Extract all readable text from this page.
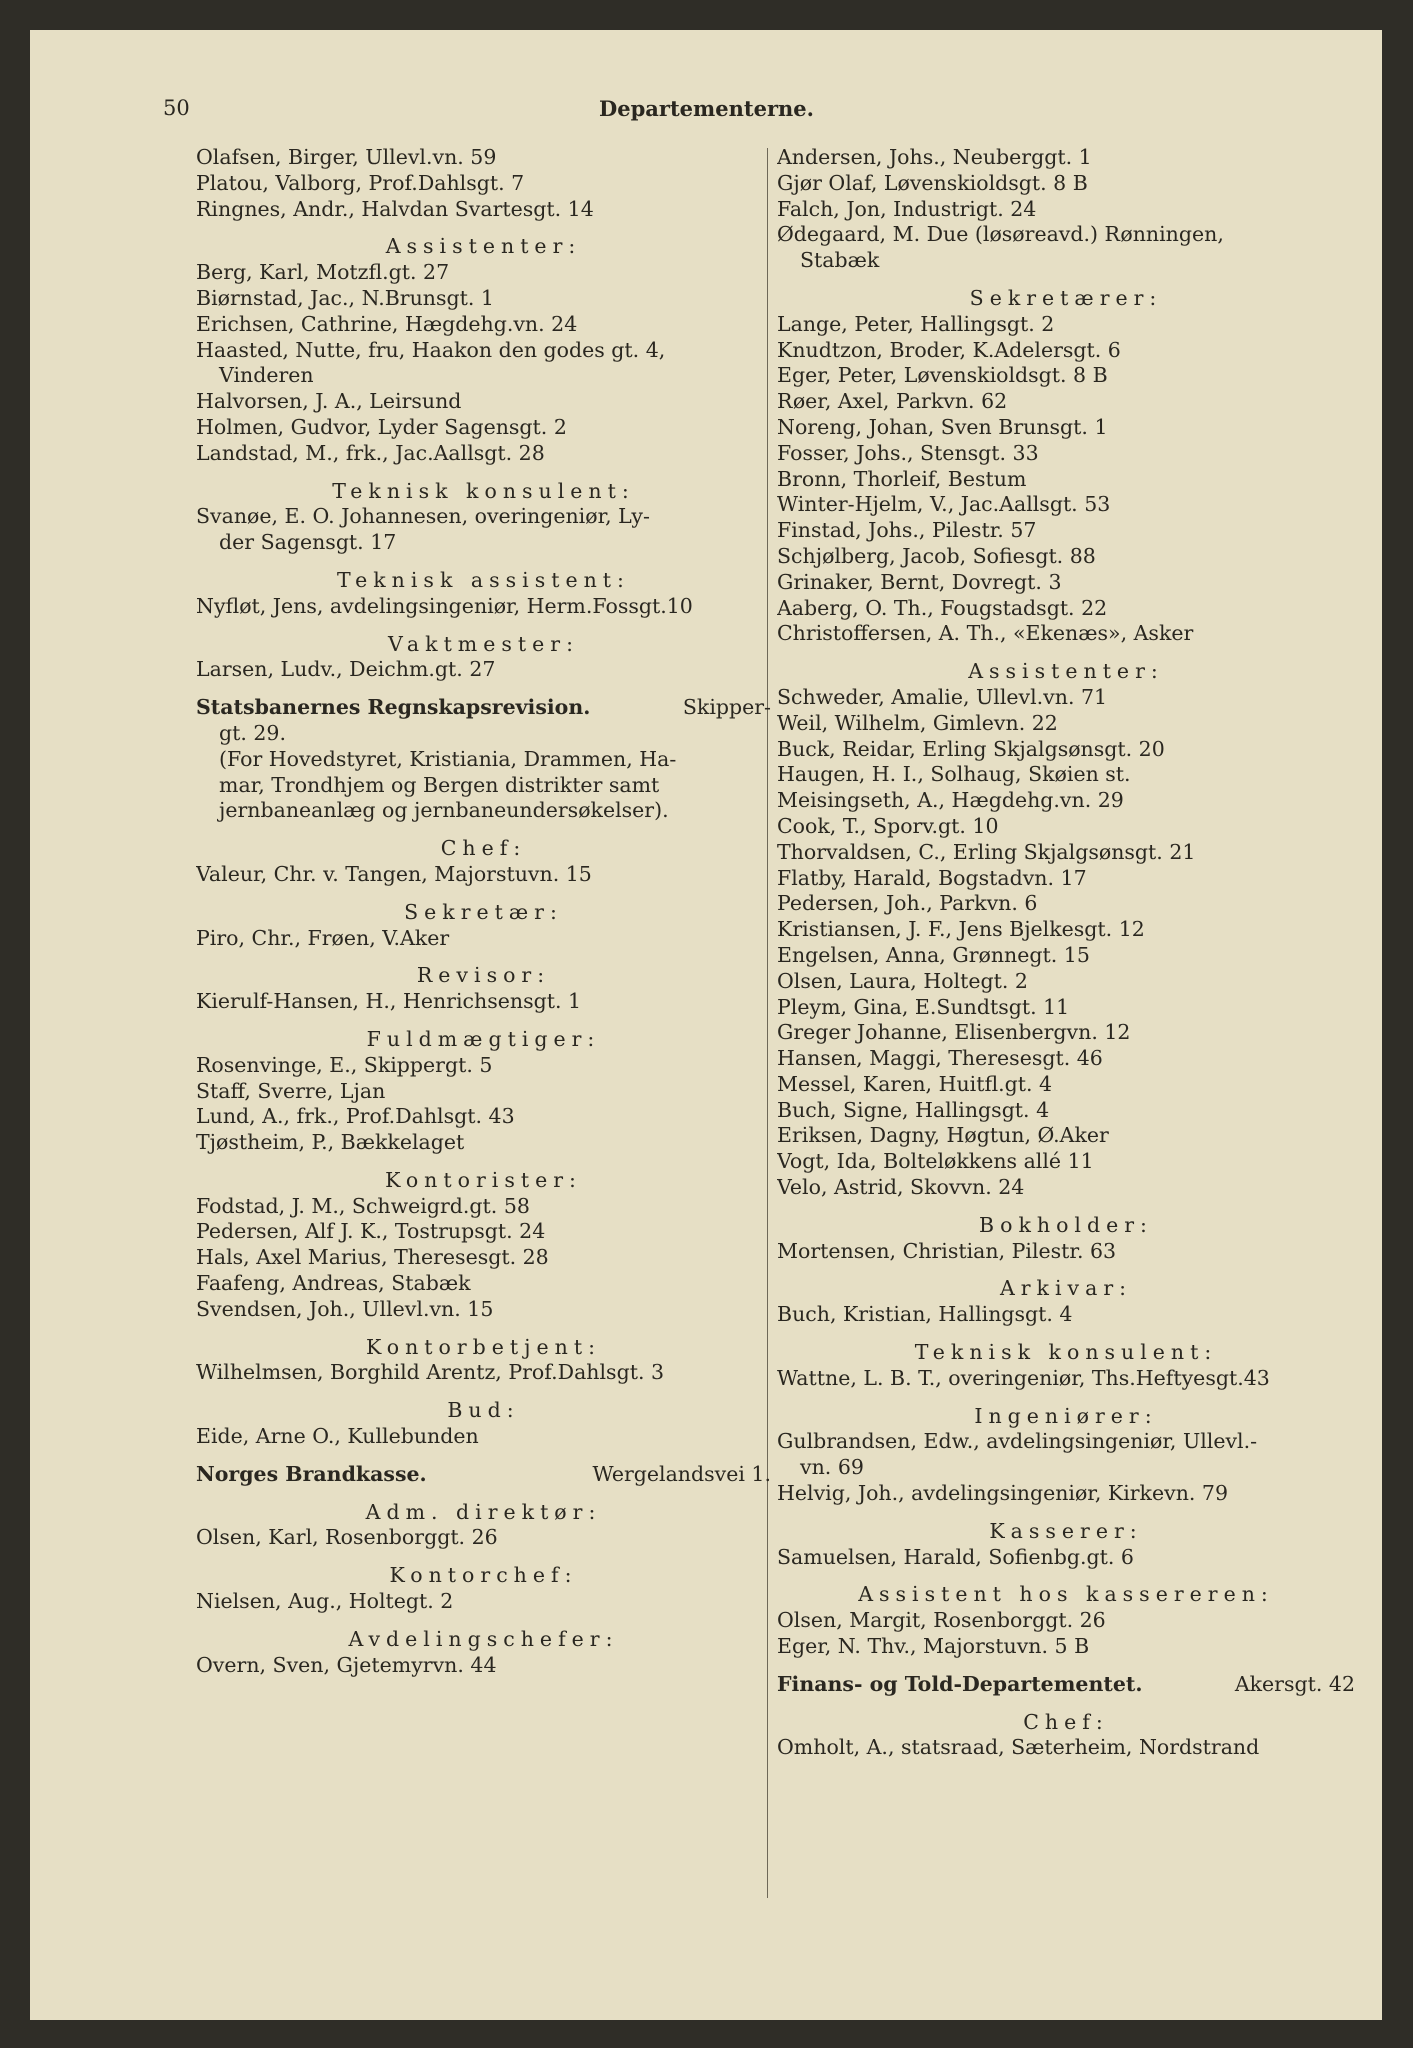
50	Departementerne.
Olafsen, Birger, Ullevl.vn. 59
Platou, Valborg, Prof.Dahlsgt. 7
Ringnes, Andr., Halvdan Svartesgt. 14
Assistenter:
Berg, Karl, Motzfl.gt. 27
Biørnstad, Jac., N.Brunsgt. 1
Erichsen, Cathrine, Hægdehg.vn. 24
Haasted, Nutte, fru, Haakon den godes gt. 4,
Vinderen
Halvorsen, J. A., Leirsund
Holmen, Gudvor, Lyder Sagensgt. 2
Landstad, M., frk., Jac.Aallsgt. 28
Teknisk konsulent:
Svanøe, E. O. Johannesen, overingeniør, Ly-
der Sagensgt. 17
Teknisk assistent:
Nyfløt, Jens, avdelingsingeniør, Herm.Fossgt.10
Vaktmester:
Larsen, Ludv., Deichm.gt. 27
Statsbanernes Regnskapsrevision.	Skipper-
gt. 29.
(For Hovedstyret, Kristiania, Drammen, Ha-
mar, Trondhjem og Bergen distrikter samt
jernbaneanlæg og jernbaneundersøkelser).
Chef:
Valeur, Chr. v. Tangen, Majorstuvn. 15
Sekretær:
Piro, Chr., Frøen, V.Aker
Revisor:
Kierulf-Hansen, H., Henrichsensgt. 1
Fuldmægtiger:
Rosenvinge, E., Skippergt. 5
Staff, Sverre, Ljan
Lund, A., frk., Prof.Dahlsgt. 43
Tjøstheim, P., Bækkelaget
Kontorister:
Fodstad, J. M., Schweigrd.gt. 58
Pedersen, Alf J. K., Tostrupsgt. 24
Hals, Axel Marius, Theresesgt. 28
Faafeng, Andreas, Stabæk
Svendsen, Joh., Ullevl.vn. 15
Kontorbetjent:
Wilhelmsen, Borghild Arentz, Prof.Dahlsgt. 3
Bud:
Eide, Arne O., Kullebunden
Norges Brandkasse.	Wergelandsvei 1.
Adm. direktør:
Olsen, Karl, Rosenborggt. 26
Kontorchef:
Nielsen, Aug., Holtegt. 2
Avdelingschefer:
Overn, Sven, Gjetemyrvn. 44
Andersen, Johs., Neuberggt. 1
Gjør Olaf, Løvenskioldsgt. 8 B
Falch, Jon, Industrigt. 24
Ødegaard, M. Due (løsøreavd.) Rønningen,
Stabæk
Sekretærer:
Lange, Peter, Hallingsgt. 2
Knudtzon, Broder, K.Adelersgt. 6
Eger, Peter, Løvenskioldsgt. 8 B
Røer, Axel, Parkvn. 62
Noreng, Johan, Sven Brunsgt. 1
Fosser, Johs., Stensgt. 33
Bronn, Thorleif, Bestum
Winter-Hjelm, V., Jac.Aallsgt. 53
Finstad, Johs., Pilestr. 57
Schjølberg, Jacob, Sofiesgt. 88
Grinaker, Bernt, Dovregt. 3
Aaberg, O. Th., Fougstadsgt. 22
Christoffersen, A. Th., «Ekenæs», Asker
Assistenter:
Schweder, Amalie, Ullevl.vn. 71
Weil, Wilhelm, Gimlevn. 22
Buck, Reidar, Erling Skjalgsønsgt. 20
Haugen, H. I., Solhaug, Skøien st.
Meisingseth, A., Hægdehg.vn. 29
Cook, T., Sporv.gt. 10
Thorvaldsen, C., Erling Skjalgsønsgt. 21
Flatby, Harald, Bogstadvn. 17
Pedersen, Joh., Parkvn. 6
Kristiansen, J. F., Jens Bjelkesgt. 12
Engelsen, Anna, Grønnegt. 15
Olsen, Laura, Holtegt. 2
Pleym, Gina, E.Sundtsgt. 11
Greger Johanne, Elisenbergvn. 12
Hansen, Maggi, Theresesgt. 46
Messel, Karen, Huitfl.gt. 4
Buch, Signe, Hallingsgt. 4
Eriksen, Dagny, Høgtun, Ø.Aker
Vogt, Ida, Bolteløkkens allé 11
Velo, Astrid, Skovvn. 24
Bokholder:
Mortensen, Christian, Pilestr. 63
Arkivar:
Buch, Kristian, Hallingsgt. 4
Teknisk konsulent:
Wattne, L. B. T., overingeniør, Ths.Heftyesgt.43
Ingeniører:
Gulbrandsen, Edw., avdelingsingeniør, Ullevl.-
vn. 69
Helvig, Joh., avdelingsingeniør, Kirkevn. 79
Kasserer:
Samuelsen, Harald, Sofienbg.gt. 6
Assistent hos kassereren:
Olsen, Margit, Rosenborggt. 26
Eger, N. Thv., Majorstuvn. 5 B
Finans- og Told-Departementet.	Akersgt. 42
Chef:
Omholt, A., statsraad, Sæterheim, Nordstrand
